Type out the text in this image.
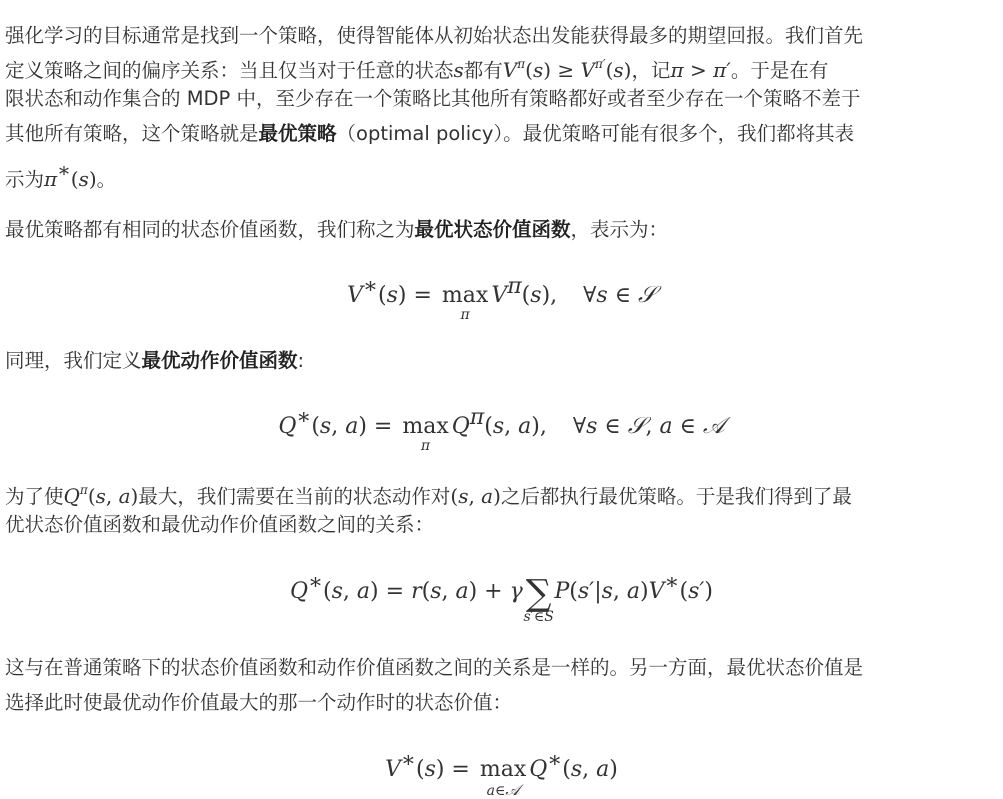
强化学习的目标通常是找到一个策略，使得智能体从初始状态出发能获得最多的期望回报。我们首先
定义策略之间的偏序关系：当且仅当对于任意的状态s都有$V^\pi(s) \ge V^{\pi'}(s)$，记π > π′。于是在有
限状态和动作集合的 MDP 中，至少存在一个策略比其他所有策略都好或者至少存在一个策略不差于
其他所有策略，这个策略就是最优策略（optimal policy）。最优策略可能有很多个，我们都将其表
示为π∗(s)。
最优策略都有相同的状态价值函数，我们称之为最优状态价值函数，表示为：
V∗(s) = max
π
$V^\pi(s)$, ∀s ∈ 𝒮
同理，我们定义最优动作价值函数:
Q∗(s, a) = max
π
$Q^\pi(s$, a), ∀s ∈ 𝒮, a ∈ 𝒜
为了使$Q^\pi(s$, a)最大，我们需要在当前的状态动作对(s, a)之后都执行最优策略。于是我们得到了最
优状态价值函数和最优动作价值函数之间的关系：
Q∗(s, a) = r(s, a) + γ∑
s′∈S
P(s′|s, a)V∗(s′)
这与在普通策略下的状态价值函数和动作价值函数之间的关系是一样的。另一方面，最优状态价值是
选择此时使最优动作价值最大的那一个动作时的状态价值：
V∗(s) = max
a∈𝒜
Q∗(s, a)
